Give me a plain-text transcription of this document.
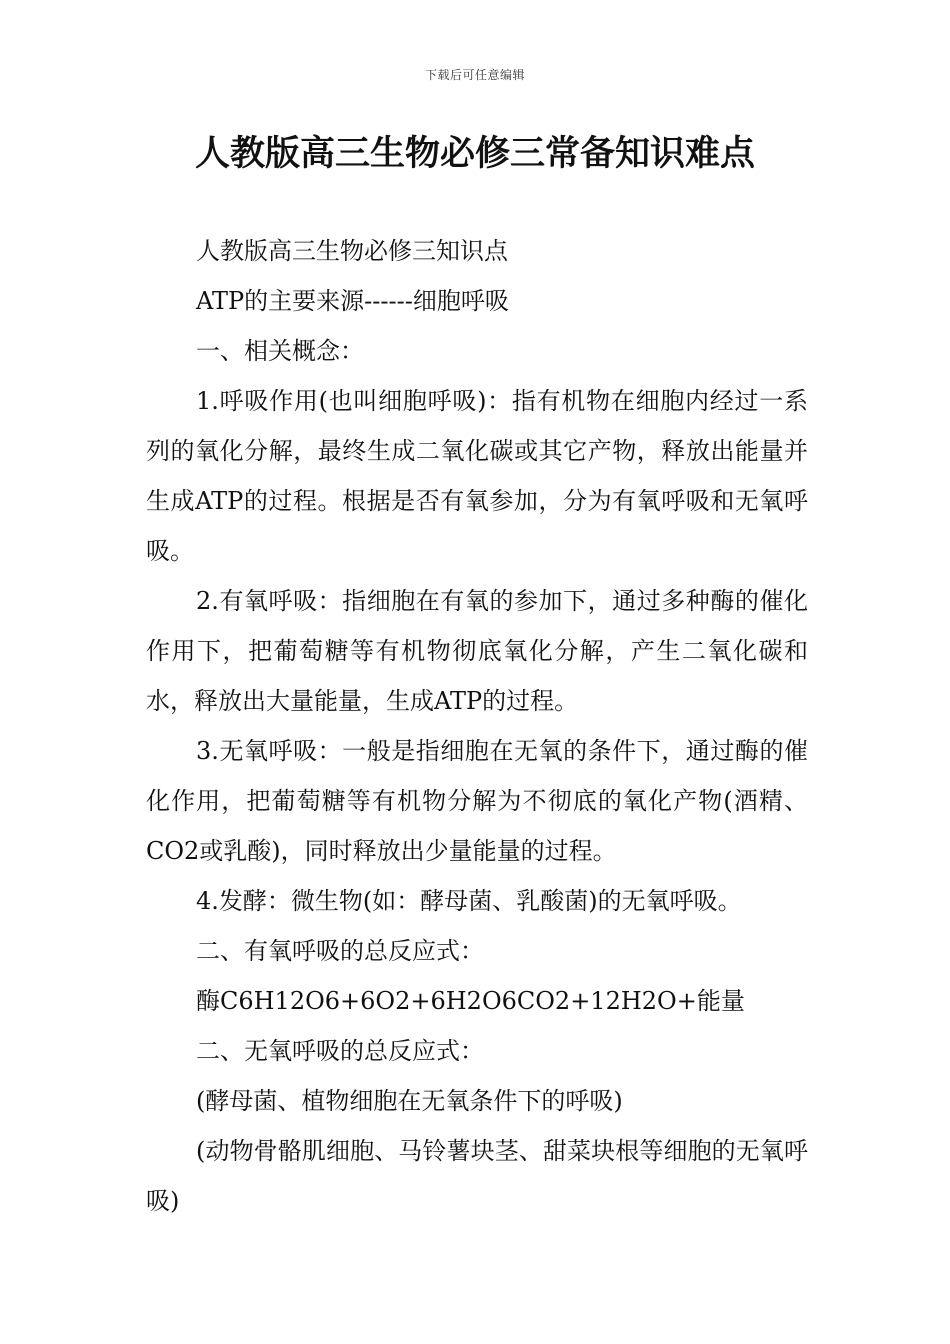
下载后可任意编辑
人教版高三生物必修三常备知识难点

人教版高三生物必修三知识点

ATP的主要来源------细胞呼吸

一、相关概念：

1.呼吸作用(也叫细胞呼吸)：指有机物在细胞内经过一系列的氧化分解，最终生成二氧化碳或其它产物，释放出能量并生成ATP的过程。根据是否有氧参加，分为有氧呼吸和无氧呼吸。

2.有氧呼吸：指细胞在有氧的参加下，通过多种酶的催化作用下，把葡萄糖等有机物彻底氧化分解，产生二氧化碳和水，释放出大量能量，生成ATP的过程。

3.无氧呼吸：一般是指细胞在无氧的条件下，通过酶的催化作用，把葡萄糖等有机物分解为不彻底的氧化产物(酒精、CO2或乳酸)，同时释放出少量能量的过程。

4.发酵：微生物(如：酵母菌、乳酸菌)的无氧呼吸。

二、有氧呼吸的总反应式：

酶C6H12O6+6O2+6H2O6CO2+12H2O+能量

二、无氧呼吸的总反应式：

(酵母菌、植物细胞在无氧条件下的呼吸)

(动物骨骼肌细胞、马铃薯块茎、甜菜块根等细胞的无氧呼吸)
